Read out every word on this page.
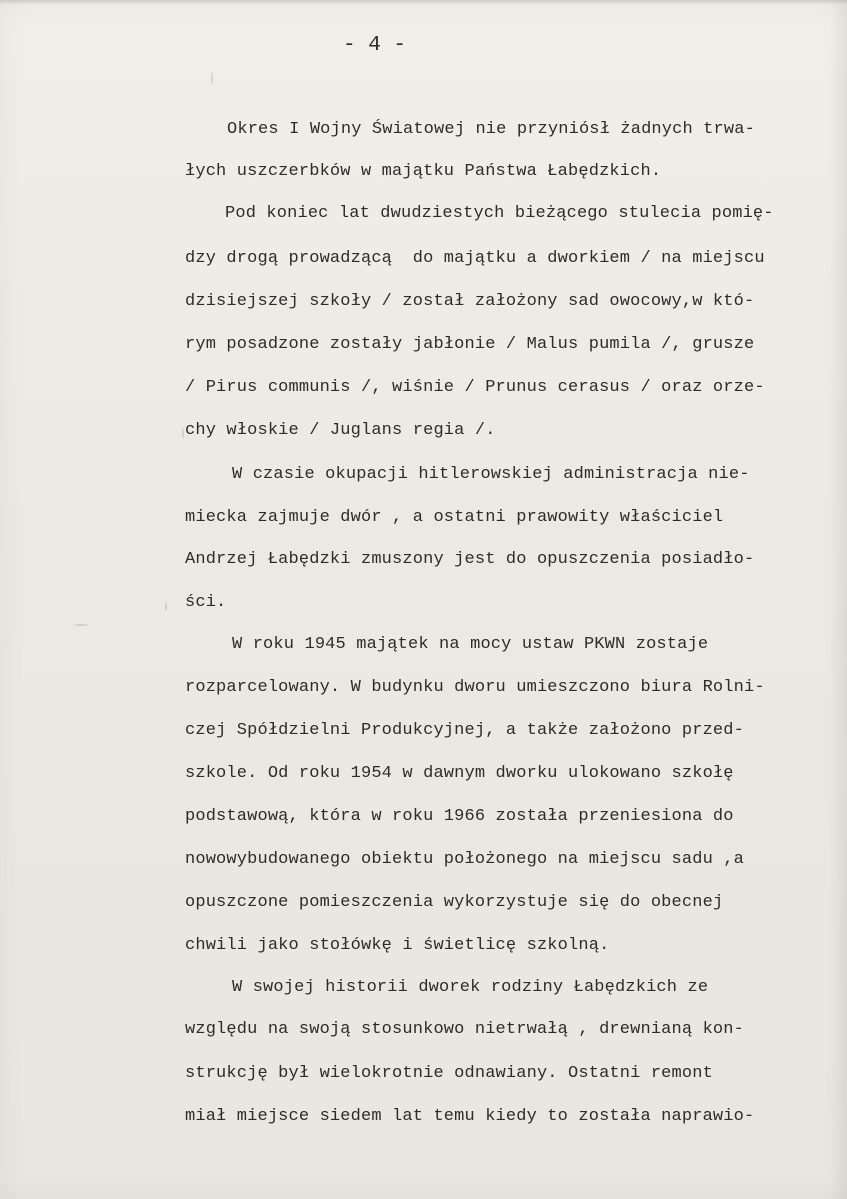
- 4 -
Okres I Wojny Światowej nie przyniósł żadnych trwa-
łych uszczerbków w majątku Państwa Łabędzkich.
Pod koniec lat dwudziestych bieżącego stulecia pomię-
dzy drogą prowadzącą  do majątku a dworkiem / na miejscu
dzisiejszej szkoły / został założony sad owocowy,w któ-
rym posadzone zostały jabłonie / Malus pumila /, grusze
/ Pirus communis /, wiśnie / Prunus cerasus / oraz orze-
chy włoskie / Juglans regia /.
W czasie okupacji hitlerowskiej administracja nie-
miecka zajmuje dwór , a ostatni prawowity właściciel
Andrzej Łabędzki zmuszony jest do opuszczenia posiadło-
ści.
W roku 1945 majątek na mocy ustaw PKWN zostaje
rozparcelowany. W budynku dworu umieszczono biura Rolni-
czej Spółdzielni Produkcyjnej, a także założono przed-
szkole. Od roku 1954 w dawnym dworku ulokowano szkołę
podstawową, która w roku 1966 została przeniesiona do
nowowybudowanego obiektu położonego na miejscu sadu ,a
opuszczone pomieszczenia wykorzystuje się do obecnej
chwili jako stołówkę i świetlicę szkolną.
W swojej historii dworek rodziny Łabędzkich ze
względu na swoją stosunkowo nietrwałą , drewnianą kon-
strukcję był wielokrotnie odnawiany. Ostatni remont
miał miejsce siedem lat temu kiedy to została naprawio-
